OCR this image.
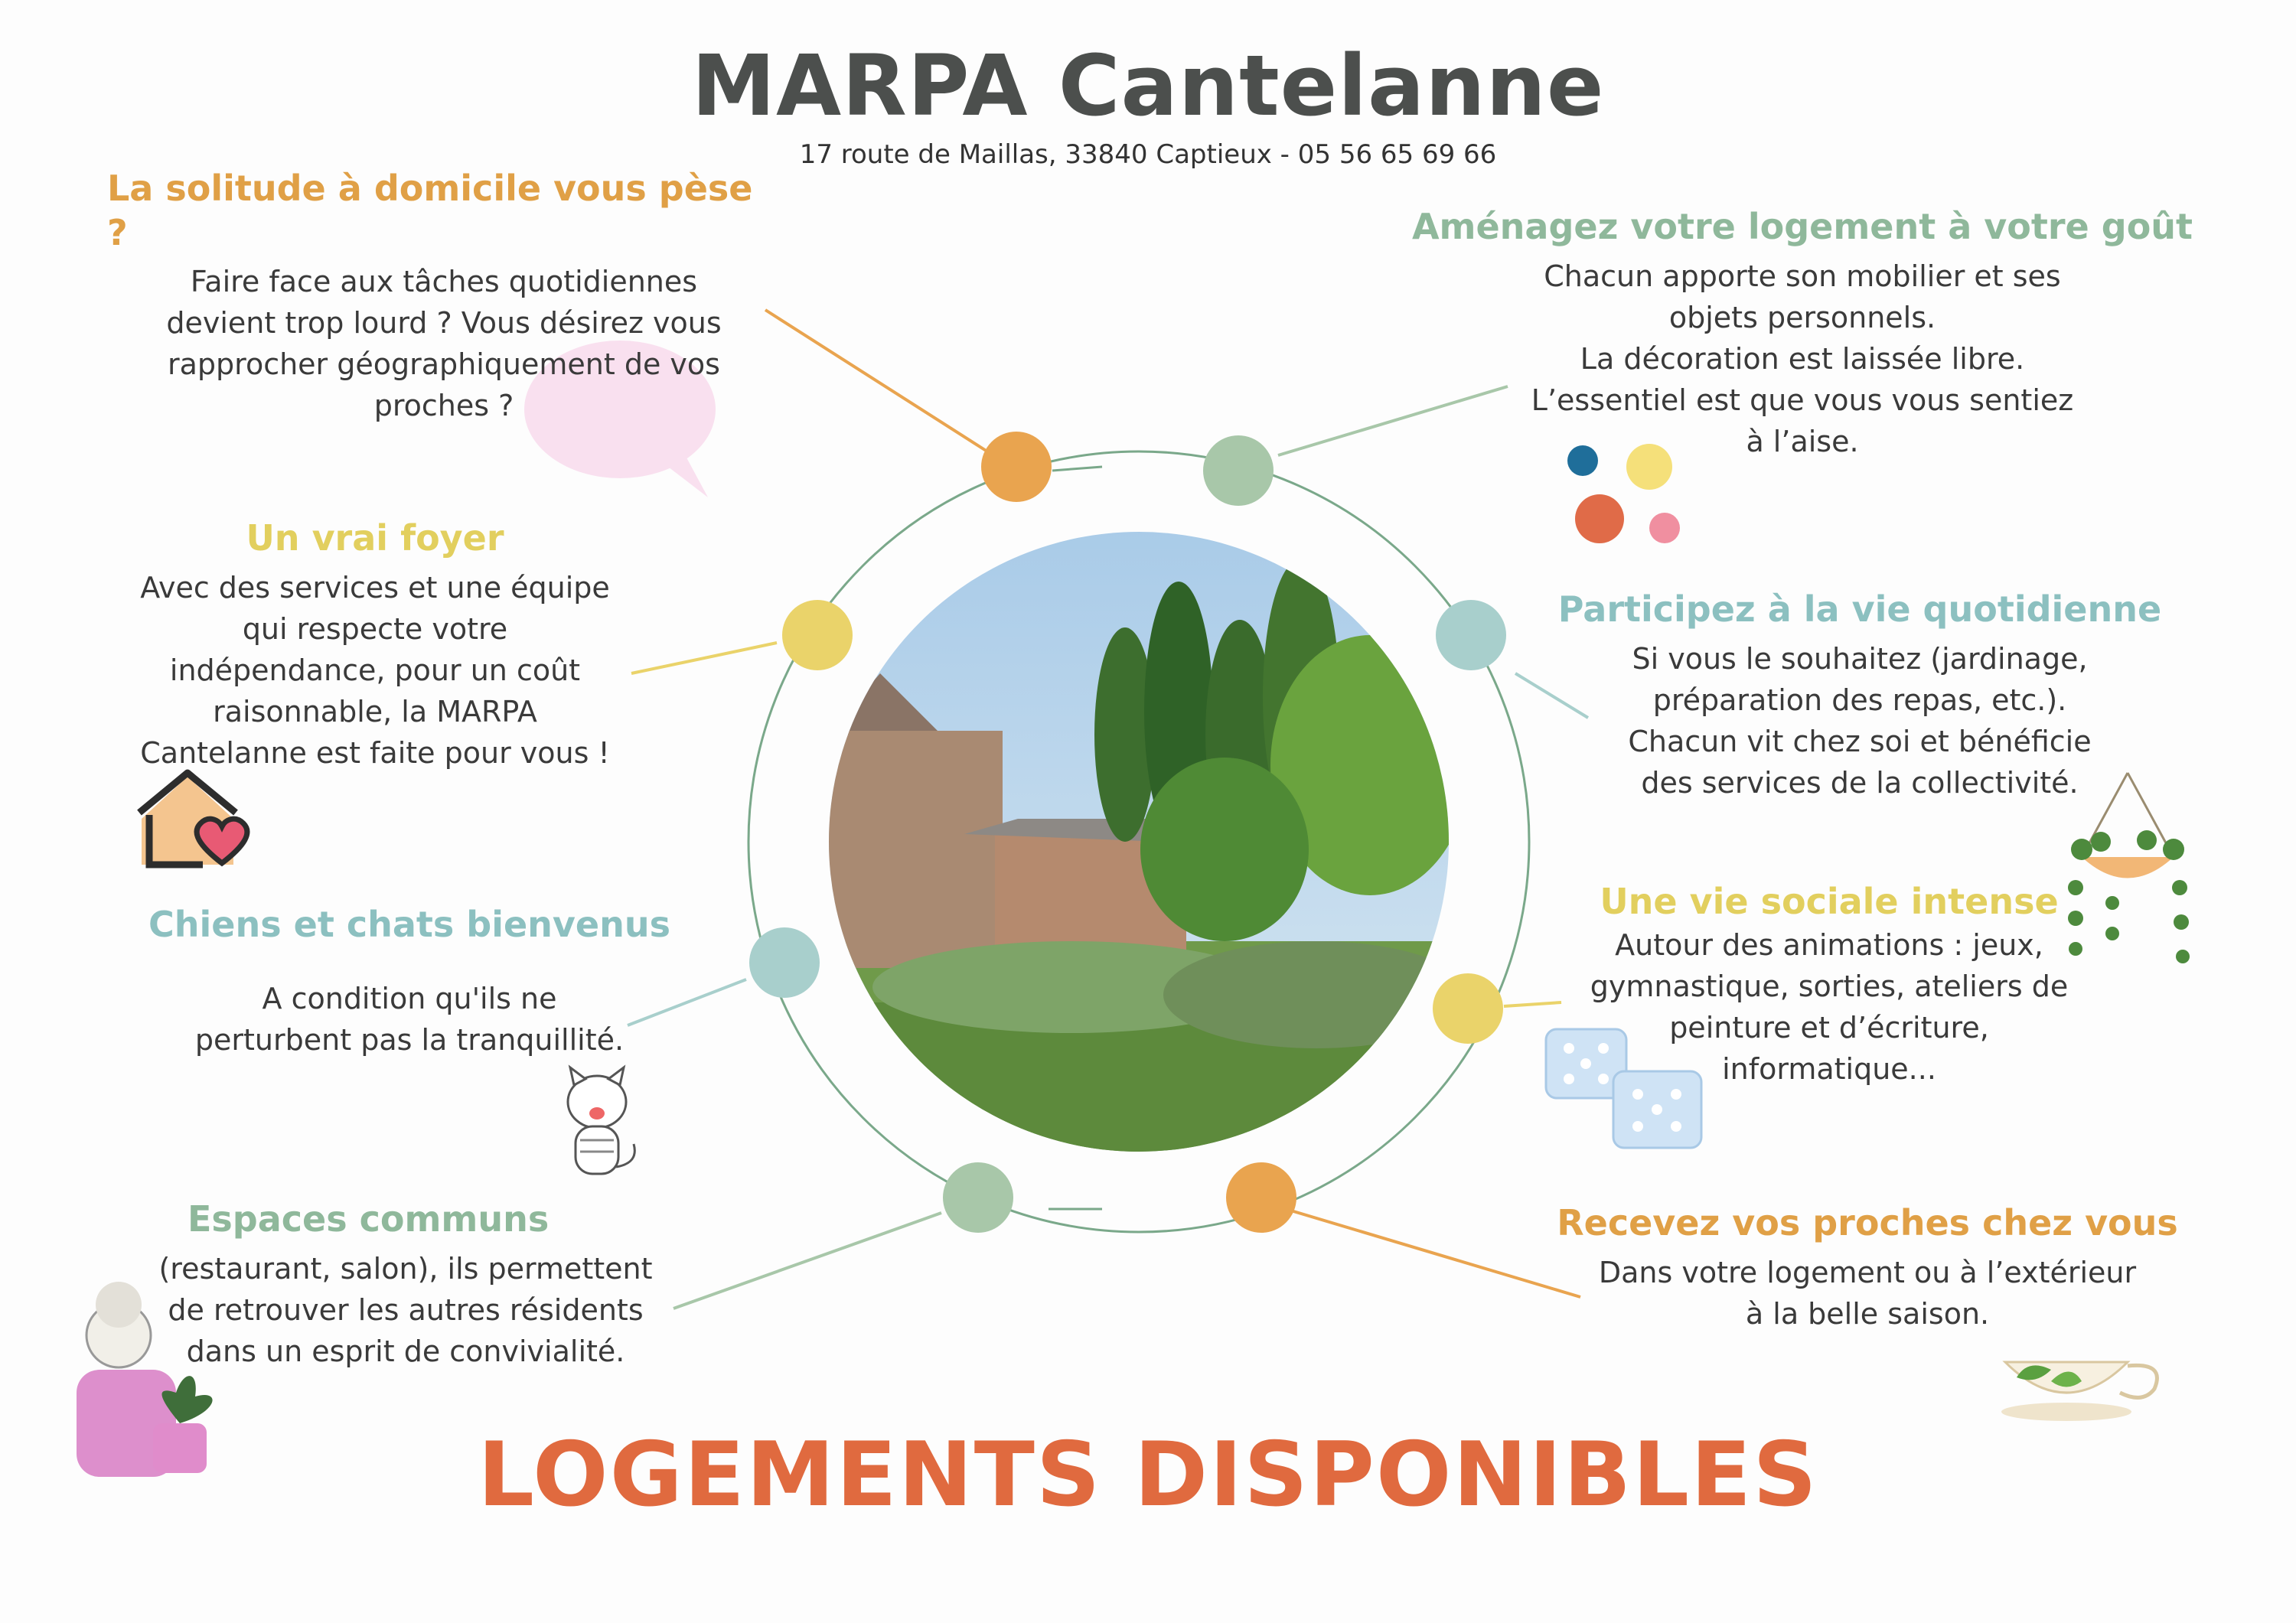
MARPA Cantelanne
17 route de Maillas, 33840 Captieux - 05 56 65 69 66
La solitude à domicile vous pèse ?

Faire face aux tâches quotidiennes

devient trop lourd ? Vous désirez vous

rapprocher géographiquement de vos

proches ?

Un vrai foyer

Avec des services et une équipe

qui respecte votre

indépendance, pour un coût

raisonnable, la MARPA

Cantelanne est faite pour vous !

Chiens et chats bienvenus

A condition qu'ils ne

perturbent pas la tranquillité.

Espaces communs

(restaurant, salon), ils permettent

de retrouver les autres résidents

dans un esprit de convivialité.

Aménagez votre logement à votre goût

Chacun apporte son mobilier et ses

objets personnels.

La décoration est laissée libre.

L’essentiel est que vous vous sentiez

à l’aise.

Participez à la vie quotidienne

Si vous le souhaitez (jardinage,

préparation des repas, etc.).

Chacun vit chez soi et bénéficie

des services de la collectivité.

Une vie sociale intense

Autour des animations : jeux,

gymnastique, sorties, ateliers de

peinture et d’écriture,

informatique...

Recevez vos proches chez vous

Dans votre logement ou à l’extérieur

à la belle saison.

LOGEMENTS DISPONIBLES
